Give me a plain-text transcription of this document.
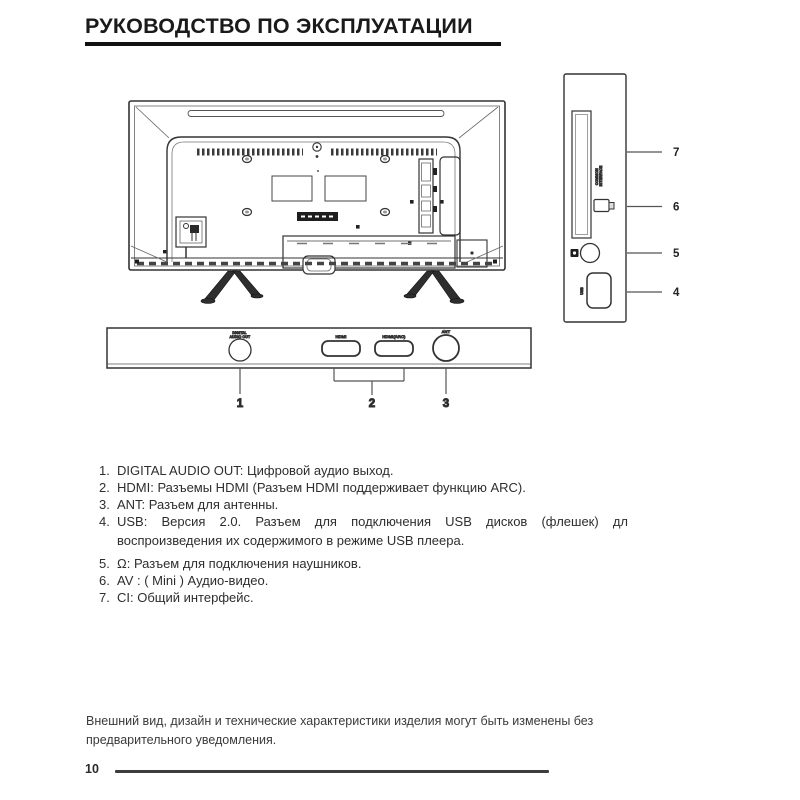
РУКОВОДСТВО ПО ЭКСПЛУАТАЦИИ
COMMON INTERFACE
USB
7
6
5
4
DIGITAL AUDIO OUT	HDMI	HDMI(ARC)
ANT
1	2	3
1. DIGITAL AUDIO OUT: Цифровой аудио выход.
2. HDMI: Разъемы HDMI (Разъем HDMI поддерживает функцию ARC).
3. ANT: Разъем для антенны.
4. USB: Версия 2.0. Разъем для подключения USB дисков (флешек) дл
воспроизведения их содержимого в режиме USB плеера.
5. Ω: Разъем для подключения наушников.
6. AV : ( Mini ) Аудио-видео.
7. CI: Общий интерфейс.
Внешний вид, дизайн и технические характеристики изделия могут быть изменены без
предварительного уведомления.
10
